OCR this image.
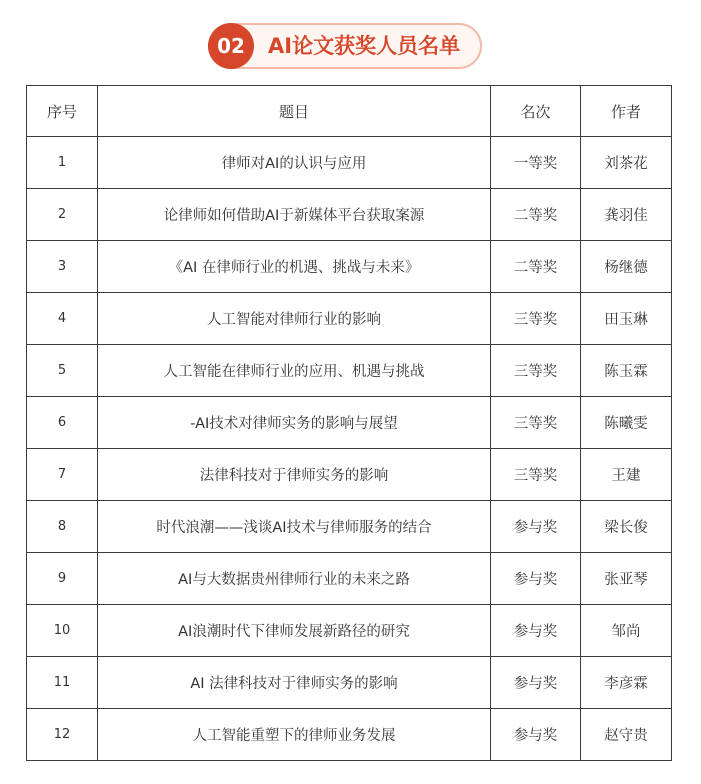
02	AI论文获奖人员名单
序号	题目	名次	作者
1	律师对AI的认识与应用	一等奖	刘茶花
2	论律师如何借助AI于新媒体平台获取案源	二等奖	龚羽佳
3	《AI 在律师行业的机遇、挑战与未来》	二等奖	杨继德
4	人工智能对律师行业的影响	三等奖	田玉琳
5	人工智能在律师行业的应用、机遇与挑战	三等奖	陈玉霖
6	-AI技术对律师实务的影响与展望	三等奖	陈曦雯
7	法律科技对于律师实务的影响	三等奖	王建
8	时代浪潮——浅谈AI技术与律师服务的结合	参与奖	梁长俊
9	AI与大数据贵州律师行业的未来之路	参与奖	张亚琴
10	AI浪潮时代下律师发展新路径的研究	参与奖	邹尚
11	AI 法律科技对于律师实务的影响	参与奖	李彦霖
12	人工智能重塑下的律师业务发展	参与奖	赵守贵
